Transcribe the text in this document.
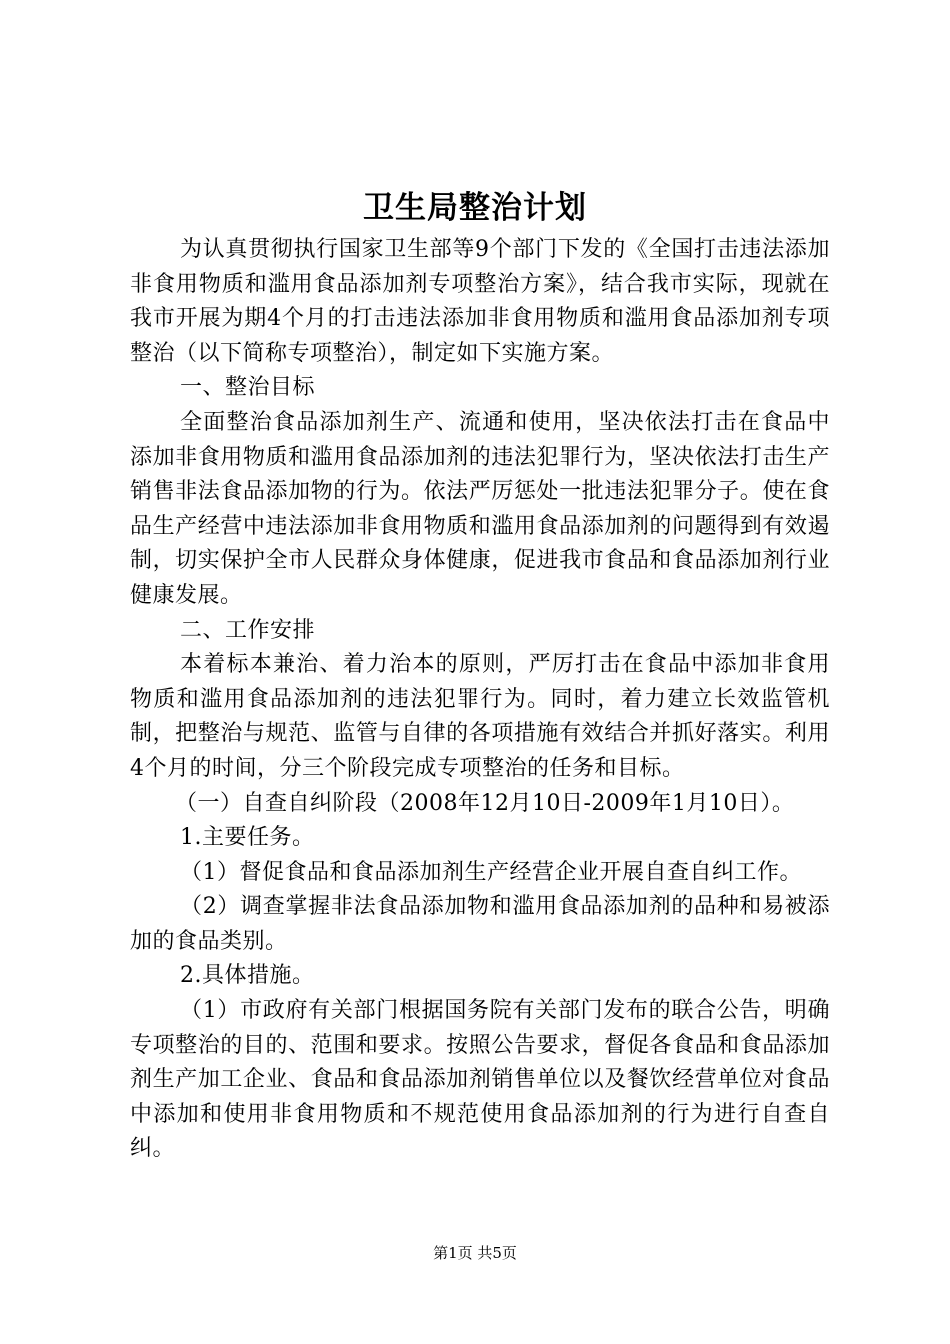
卫生局整治计划

为认真贯彻执行国家卫生部等9个部门下发的《全国打击违法添加非食用物质和滥用食品添加剂专项整治方案》，结合我市实际，现就在我市开展为期4个月的打击违法添加非食用物质和滥用食品添加剂专项整治（以下简称专项整治），制定如下实施方案。

一、整治目标

全面整治食品添加剂生产、流通和使用，坚决依法打击在食品中添加非食用物质和滥用食品添加剂的违法犯罪行为，坚决依法打击生产销售非法食品添加物的行为。依法严厉惩处一批违法犯罪分子。使在食品生产经营中违法添加非食用物质和滥用食品添加剂的问题得到有效遏制，切实保护全市人民群众身体健康，促进我市食品和食品添加剂行业健康发展。

二、工作安排

本着标本兼治、着力治本的原则，严厉打击在食品中添加非食用物质和滥用食品添加剂的违法犯罪行为。同时，着力建立长效监管机制，把整治与规范、监管与自律的各项措施有效结合并抓好落实。利用4个月的时间，分三个阶段完成专项整治的任务和目标。

（一）自查自纠阶段（2008年12月10日-2009年1月10日）。

1.主要任务。

（1）督促食品和食品添加剂生产经营企业开展自查自纠工作。

（2）调查掌握非法食品添加物和滥用食品添加剂的品种和易被添加的食品类别。

2.具体措施。

（1）市政府有关部门根据国务院有关部门发布的联合公告，明确专项整治的目的、范围和要求。按照公告要求，督促各食品和食品添加剂生产加工企业、食品和食品添加剂销售单位以及餐饮经营单位对食品中添加和使用非食用物质和不规范使用食品添加剂的行为进行自查自纠。

第1页 共5页
